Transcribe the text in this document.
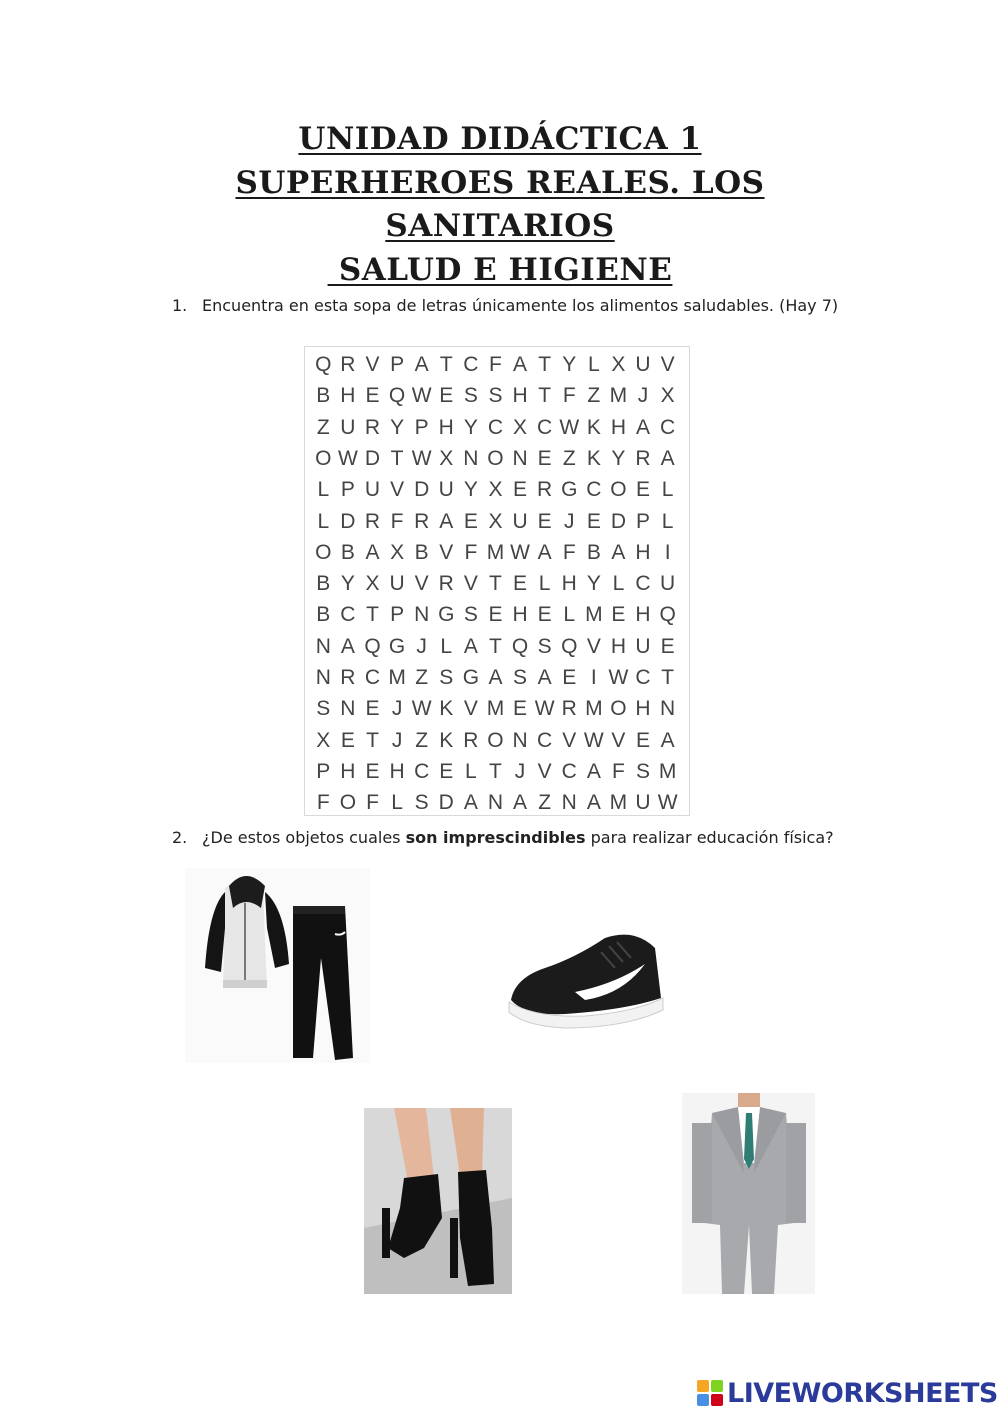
UNIDAD DIDÁCTICA 1
SUPERHEROES REALES. LOS
SANITARIOS
SALUD E HIGIENE
1. Encuentra en esta sopa de letras únicamente los alimentos saludables. (Hay 7)
Q R V P A T C F A T Y L X U V
B H E Q W E S S H T F Z M J X
Z U R Y P H Y C X C W K H A C
O W D T W X N O N E Z K Y R A
L P U V D U Y X E R G C O E L
L D R F R A E X U E J E D P L
O B A X B V F M W A F B A H I
B Y X U V R V T E L H Y L C U
B C T P N G S E H E L M E H Q
N A Q G J L A T Q S Q V H U E
N R C M Z S G A S A E I W C T
S N E J W K V M E W R M O H N
X E T J Z K R O N C V W V E A
P H E H C E L T J V C A F S M
F O F L S D A N A Z N A M U W
2. ¿De estos objetos cuales son imprescindibles para realizar educación física?
LIVEWORKSHEETS
